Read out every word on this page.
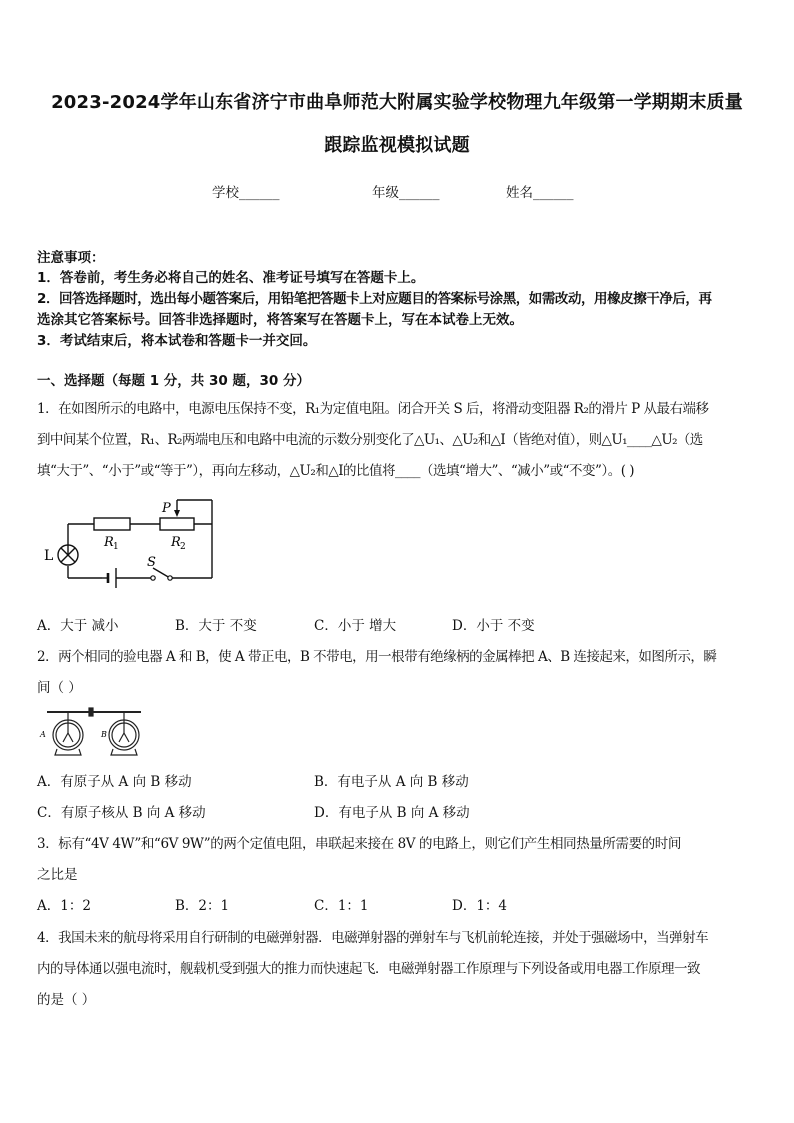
2023-2024学年山东省济宁市曲阜师范大附属实验学校物理九年级第一学期期末质量
跟踪监视模拟试题
学校______	年级______	姓名______
注意事项：
1．答卷前，考生务必将自己的姓名、准考证号填写在答题卡上。
2．回答选择题时，选出每小题答案后，用铅笔把答题卡上对应题目的答案标号涂黑，如需改动，用橡皮擦干净后，再
选涂其它答案标号。回答非选择题时，将答案写在答题卡上，写在本试卷上无效。
3．考试结束后，将本试卷和答题卡一并交回。
一、选择题（每题 1 分，共 30 题，30 分）
1．在如图所示的电路中，电源电压保持不变，R₁为定值电阻。闭合开关 S 后，将滑动变阻器 R₂的滑片 P 从最右端移
到中间某个位置，R₁、R₂两端电压和电路中电流的示数分别变化了△U₁、△U₂和△I（皆绝对值），则△U₁____△U₂（选
填“大于”、“小于”或“等于”），再向左移动，△U₂和△I的比值将____（选填“增大”、“减小”或“不变”）。( )
P
R 1	R 2
L	S
A．大于 减小	B．大于 不变	C．小于 增大	D．小于 不变
2．两个相同的验电器 A 和 B，使 A 带正电，B 不带电，用一根带有绝缘柄的金属棒把 A、B 连接起来，如图所示，瞬
间（ ）
A	B
A．有原子从 A 向 B 移动	B．有电子从 A 向 B 移动
C．有原子核从 B 向 A 移动	D．有电子从 B 向 A 移动
3．标有“4V 4W”和“6V 9W”的两个定值电阻，串联起来接在 8V 的电路上，则它们产生相同热量所需要的时间
之比是
A．1：2	B．2：1	C．1：1	D．1：4
4．我国未来的航母将采用自行研制的电磁弹射器．电磁弹射器的弹射车与飞机前轮连接，并处于强磁场中，当弹射车
内的导体通以强电流时，舰载机受到强大的推力而快速起飞．电磁弹射器工作原理与下列设备或用电器工作原理一致
的是（ ）
